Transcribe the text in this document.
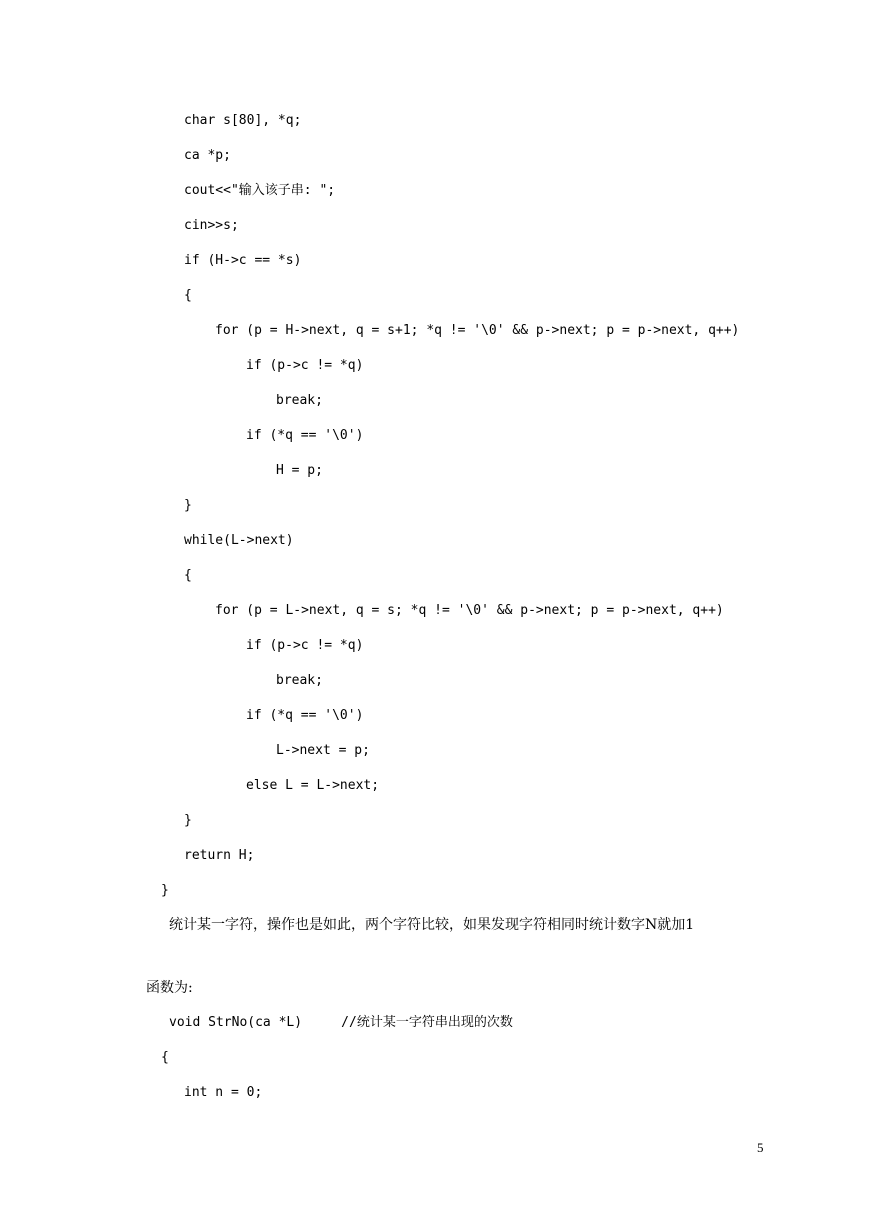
char s[80], *q;
ca *p;
cout<<"输入该子串: ";
cin>>s;
if (H->c == *s)
{
for (p = H->next, q = s+1; *q != '\0' && p->next; p = p->next, q++)
if (p->c != *q)
break;
if (*q == '\0')
H = p;
}
while(L->next)
{
for (p = L->next, q = s; *q != '\0' && p->next; p = p->next, q++)
if (p->c != *q)
break;
if (*q == '\0')
L->next = p;
else L = L->next;
}
return H;
}
统计某一字符，操作也是如此，两个字符比较，如果发现字符相同时统计数字N就加1
函数为:
void StrNo(ca *L)     //统计某一字符串出现的次数
{
int n = 0;
5
